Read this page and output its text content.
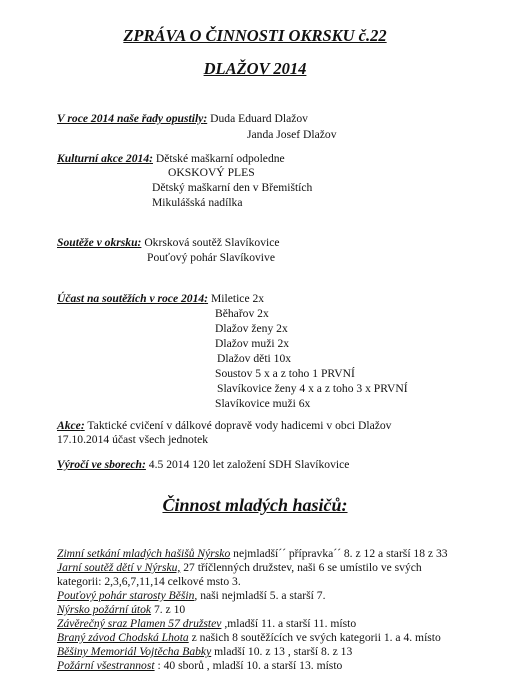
ZPRÁVA O ČINNOSTI OKRSKU č.22
DLAŽOV 2014
V roce 2014 naše řady opustily: Duda Eduard Dlažov
Janda Josef Dlažov
Kulturní akce 2014: Dětské maškarní odpoledne
OKSKOVÝ PLES
Dětský maškarní den v Břemištích
Mikulášská nadílka
Soutěže v okrsku: Okrsková soutěž Slavíkovice
Pouťový pohár Slavíkovive
Účast na soutěžích v roce 2014: Miletice 2x
Běhařov 2x
Dlažov ženy 2x
Dlažov muži 2x
Dlažov děti 10x
Soustov 5 x a z toho 1 PRVNÍ
Slavíkovice ženy 4 x a z toho 3 x PRVNÍ
Slavíkovice muži 6x
Akce: Taktické cvičení v dálkové dopravě vody hadicemi v obci Dlažov
17.10.2014 účast všech jednotek
Výročí ve sborech: 4.5 2014 120 let založení SDH Slavíkovice
Činnost mladých hasičů:
Zimní setkání mladých hašišů Nýrsko nejmladší´´ přípravka´´ 8. z 12 a starší 18 z 33
Jarní soutěž dětí v Nýrsku, 27 tříčlenných družstev, naši 6 se umístilo ve svých
kategorii: 2,3,6,7,11,14 celkové msto 3.
Pouťový pohár starosty Běšin, naši nejmladší 5. a starší 7.
Nýrsko požární útok 7. z 10
Závěrečný sraz Plamen 57 družstev ,mladší 11. a starší 11. místo
Braný závod Chodská Lhota z našich 8 soutěžících ve svých kategorii 1. a 4. místo
Běšiny Memoriál Vojtěcha Babky mladší 10. z 13 , starší 8. z 13
Požární všestrannost : 40 sborů , mladší 10. a starší 13. místo
